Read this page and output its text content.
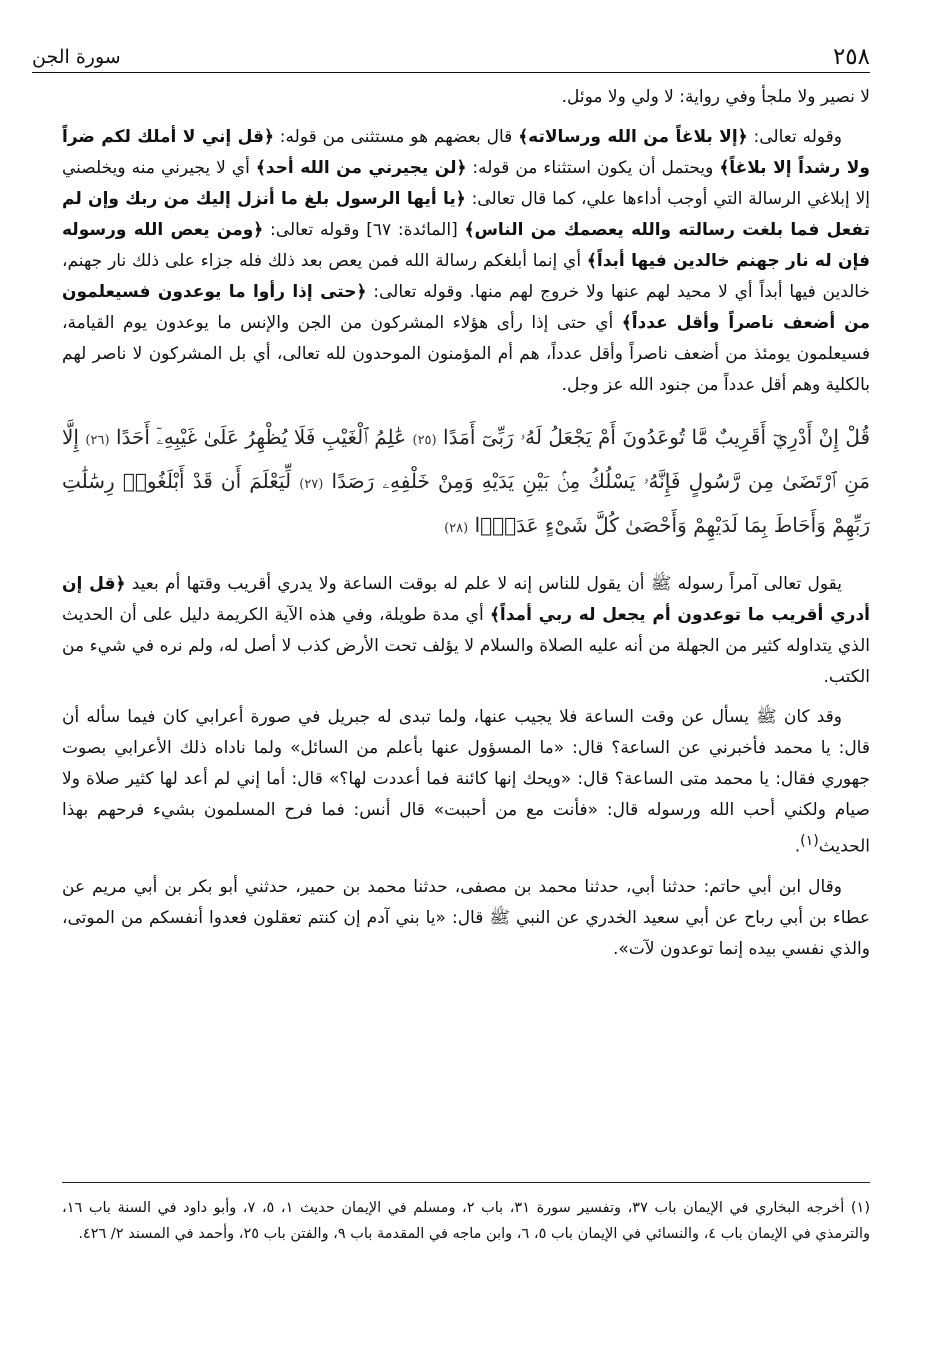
٢٥٨
سورة الجن

لا نصير ولا ملجأ وفي رواية: لا ولي ولا موئل.

وقوله تعالى: ﴿إلا بلاغاً من الله ورسالاته﴾ قال بعضهم هو مستثنى من قوله: ﴿قل إني لا أملك لكم ضراً ولا رشداً إلا بلاغاً﴾ ويحتمل أن يكون استثناء من قوله: ﴿لن يجيرني من الله أحد﴾ أي لا يجيرني منه ويخلصني إلا إبلاغي الرسالة التي أوجب أداءها علي، كما قال تعالى: ﴿يا أيها الرسول بلغ ما أنزل إليك من ربك وإن لم تفعل فما بلغت رسالته والله يعصمك من الناس﴾ [المائدة: ٦٧] وقوله تعالى: ﴿ومن يعص الله ورسوله فإن له نار جهنم خالدين فيها أبداً﴾ أي إنما أبلغكم رسالة الله فمن يعص بعد ذلك فله جزاء على ذلك نار جهنم، خالدين فيها أبداً أي لا محيد لهم عنها ولا خروج لهم منها. وقوله تعالى: ﴿حتى إذا رأوا ما يوعدون فسيعلمون من أضعف ناصراً وأقل عدداً﴾ أي حتى إذا رأى هؤلاء المشركون من الجن والإنس ما يوعدون يوم القيامة، فسيعلمون يومئذ من أضعف ناصراً وأقل عدداً، هم أم المؤمنون الموحدون لله تعالى، أي بل المشركون لا ناصر لهم بالكلية وهم أقل عدداً من جنود الله عز وجل.

قُلْ إِنْ أَدْرِيٓ أَقَرِيبٌ مَّا تُوعَدُونَ أَمْ يَجْعَلُ لَهُۥ رَبِّىٓ أَمَدًا (٢٥) عَٰلِمُ ٱلْغَيْبِ فَلَا يُظْهِرُ عَلَىٰ غَيْبِهِۦٓ أَحَدًا (٢٦) إِلَّا مَنِ ٱرْتَضَىٰ مِن رَّسُولٍ فَإِنَّهُۥ يَسْلُكُ مِنۢ بَيْنِ يَدَيْهِ وَمِنْ خَلْفِهِۦ رَصَدًا (٢٧) لِّيَعْلَمَ أَن قَدْ أَبْلَغُوا۟ رِسَٰلَٰتِ رَبِّهِمْ وَأَحَاطَ بِمَا لَدَيْهِمْ وَأَحْصَىٰ كُلَّ شَىْءٍ عَدَدًۢا (٢٨)

يقول تعالى آمراً رسوله ﷺ أن يقول للناس إنه لا علم له بوقت الساعة ولا يدري أقريب وقتها أم بعيد ﴿قل إن أدري أقريب ما توعدون أم يجعل له ربي أمداً﴾ أي مدة طويلة، وفي هذه الآية الكريمة دليل على أن الحديث الذي يتداوله كثير من الجهلة من أنه عليه الصلاة والسلام لا يؤلف تحت الأرض كذب لا أصل له، ولم نره في شيء من الكتب.

وقد كان ﷺ يسأل عن وقت الساعة فلا يجيب عنها، ولما تبدى له جبريل في صورة أعرابي كان فيما سأله أن قال: يا محمد فأخبرني عن الساعة؟ قال: «ما المسؤول عنها بأعلم من السائل» ولما ناداه ذلك الأعرابي بصوت جهوري فقال: يا محمد متى الساعة؟ قال: «ويحك إنها كائنة فما أعددت لها؟» قال: أما إني لم أعد لها كثير صلاة ولا صيام ولكني أحب الله ورسوله قال: «فأنت مع من أحببت» قال أنس: فما فرح المسلمون بشيء فرحهم بهذا الحديث$^{(١)}$.

وقال ابن أبي حاتم: حدثنا أبي، حدثنا محمد بن مصفى، حدثنا محمد بن حمير، حدثني أبو بكر بن أبي مريم عن عطاء بن أبي رباح عن أبي سعيد الخدري عن النبي ﷺ قال: «يا بني آدم إن كنتم تعقلون فعدوا أنفسكم من الموتى، والذي نفسي بيده إنما توعدون لآت».

(١) أخرجه البخاري في الإيمان باب ٣٧، وتفسير سورة ٣١، باب ٢، ومسلم في الإيمان حديث ١، ٥، ٧، وأبو داود في السنة باب ١٦، والترمذي في الإيمان باب ٤، والنسائي في الإيمان باب ٥، ٦، وابن ماجه في المقدمة باب ٩، والفتن باب ٢٥، وأحمد في المسند ٢/ ٤٢٦.
